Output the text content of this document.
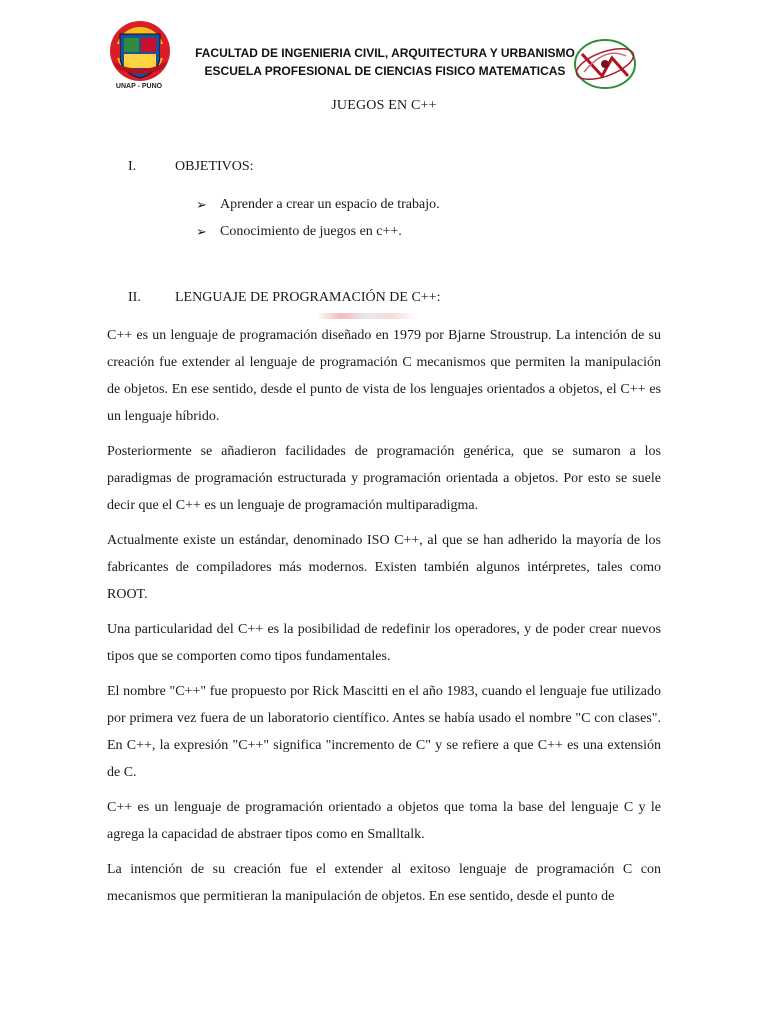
UNAP - PUNO
FACULTAD DE INGENIERIA CIVIL, ARQUITECTURA Y URBANISMO
ESCUELA PROFESIONAL DE CIENCIAS FISICO MATEMATICAS
JUEGOS EN C++
I.	OBJETIVOS:
➢ Aprender a crear un espacio de trabajo.
➢ Conocimiento de juegos en c++.
II. LENGUAJE DE PROGRAMACIÓN DE C++:

C++ es un lenguaje de programación diseñado en 1979 por Bjarne Stroustrup. La intención de su creación fue extender al lenguaje de programación C mecanismos que permiten la manipulación de objetos. En ese sentido, desde el punto de vista de los lenguajes orientados a objetos, el C++ es un lenguaje híbrido.

Posteriormente se añadieron facilidades de programación genérica, que se sumaron a los paradigmas de programación estructurada y programación orientada a objetos. Por esto se suele decir que el C++ es un lenguaje de programación multiparadigma.

Actualmente existe un estándar, denominado ISO C++, al que se han adherido la mayoría de los fabricantes de compiladores más modernos. Existen también algunos intérpretes, tales como ROOT.

Una particularidad del C++ es la posibilidad de redefinir los operadores, y de poder crear nuevos tipos que se comporten como tipos fundamentales.

El nombre "C++" fue propuesto por Rick Mascitti en el año 1983, cuando el lenguaje fue utilizado por primera vez fuera de un laboratorio científico. Antes se había usado el nombre "C con clases". En C++, la expresión "C++" significa "incremento de C" y se refiere a que C++ es una extensión de C.

C++ es un lenguaje de programación orientado a objetos que toma la base del lenguaje C y le agrega la capacidad de abstraer tipos como en Smalltalk.

La intención de su creación fue el extender al exitoso lenguaje de programación C con mecanismos que permitieran la manipulación de objetos. En ese sentido, desde el punto de
